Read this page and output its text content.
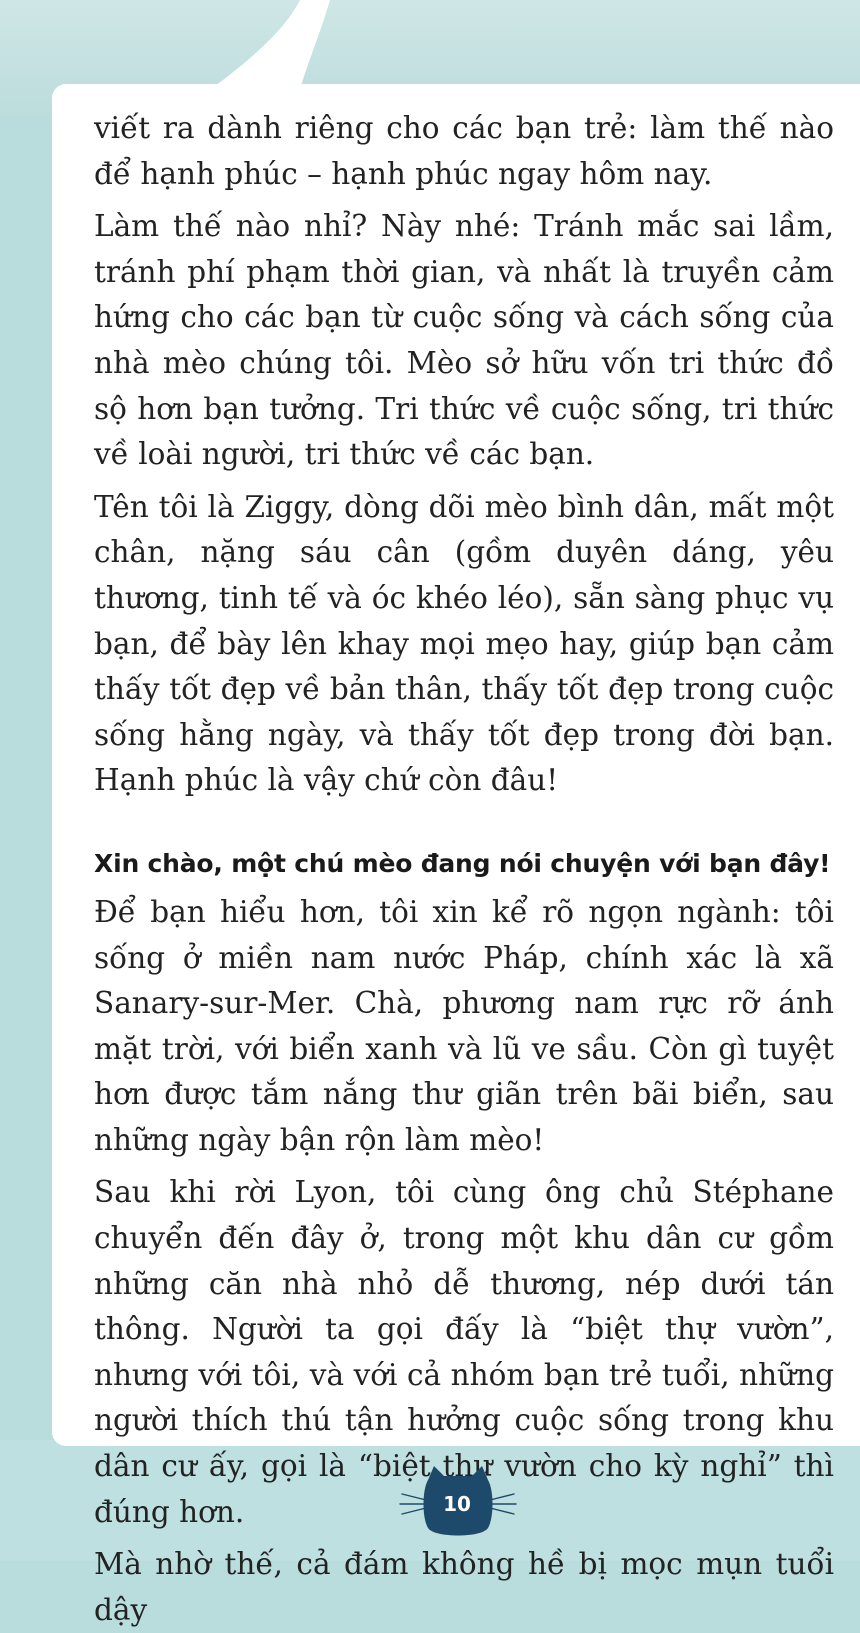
viết ra dành riêng cho các bạn trẻ: làm thế nào để hạnh phúc – hạnh phúc ngay hôm nay.

Làm thế nào nhỉ? Này nhé: Tránh mắc sai lầm, tránh phí phạm thời gian, và nhất là truyền cảm hứng cho các bạn từ cuộc sống và cách sống của nhà mèo chúng tôi. Mèo sở hữu vốn tri thức đồ sộ hơn bạn tưởng. Tri thức về cuộc sống, tri thức về loài người, tri thức về các bạn.

Tên tôi là Ziggy, dòng dõi mèo bình dân, mất một chân, nặng sáu cân (gồm duyên dáng, yêu thương, tinh tế và óc khéo léo), sẵn sàng phục vụ bạn, để bày lên khay mọi mẹo hay, giúp bạn cảm thấy tốt đẹp về bản thân, thấy tốt đẹp trong cuộc sống hằng ngày, và thấy tốt đẹp trong đời bạn. Hạnh phúc là vậy chứ còn đâu!

Xin chào, một chú mèo đang nói chuyện với bạn đây!

Để bạn hiểu hơn, tôi xin kể rõ ngọn ngành: tôi sống ở miền nam nước Pháp, chính xác là xã Sanary-sur-Mer. Chà, phương nam rực rỡ ánh mặt trời, với biển xanh và lũ ve sầu. Còn gì tuyệt hơn được tắm nắng thư giãn trên bãi biển, sau những ngày bận rộn làm mèo!

Sau khi rời Lyon, tôi cùng ông chủ Stéphane chuyển đến đây ở, trong một khu dân cư gồm những căn nhà nhỏ dễ thương, nép dưới tán thông. Người ta gọi đấy là “biệt thự vườn”, nhưng với tôi, và với cả nhóm bạn trẻ tuổi, những người thích thú tận hưởng cuộc sống trong khu dân cư ấy, gọi là “biệt thự vườn cho kỳ nghỉ” thì đúng hơn.

Mà nhờ thế, cả đám không hề bị mọc mụn tuổi dậy

10
